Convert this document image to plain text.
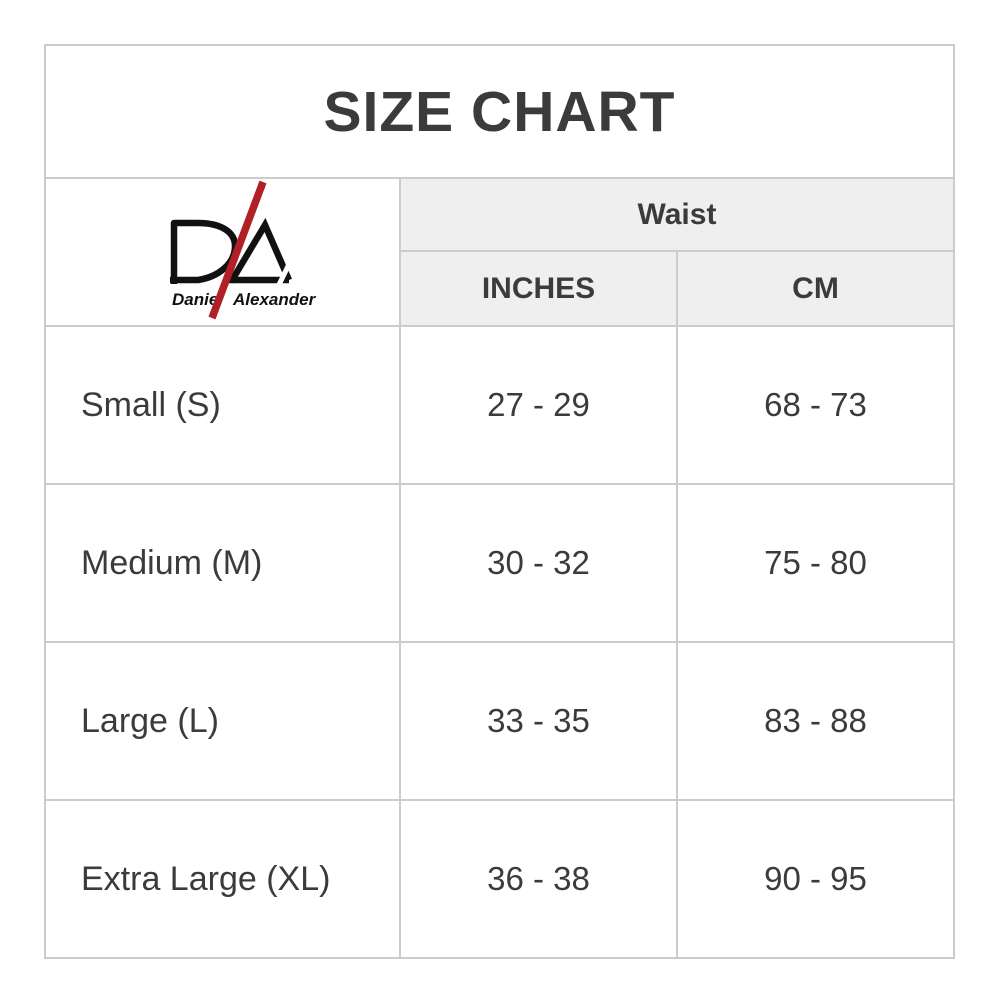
SIZE CHART
Daniel Alexander
Waist
INCHES	CM
Small (S)	27 - 29	68 - 73
Medium (M)	30 - 32	75 - 80
Large (L)	33 - 35	83 - 88
Extra Large (XL)	36 - 38	90 - 95
